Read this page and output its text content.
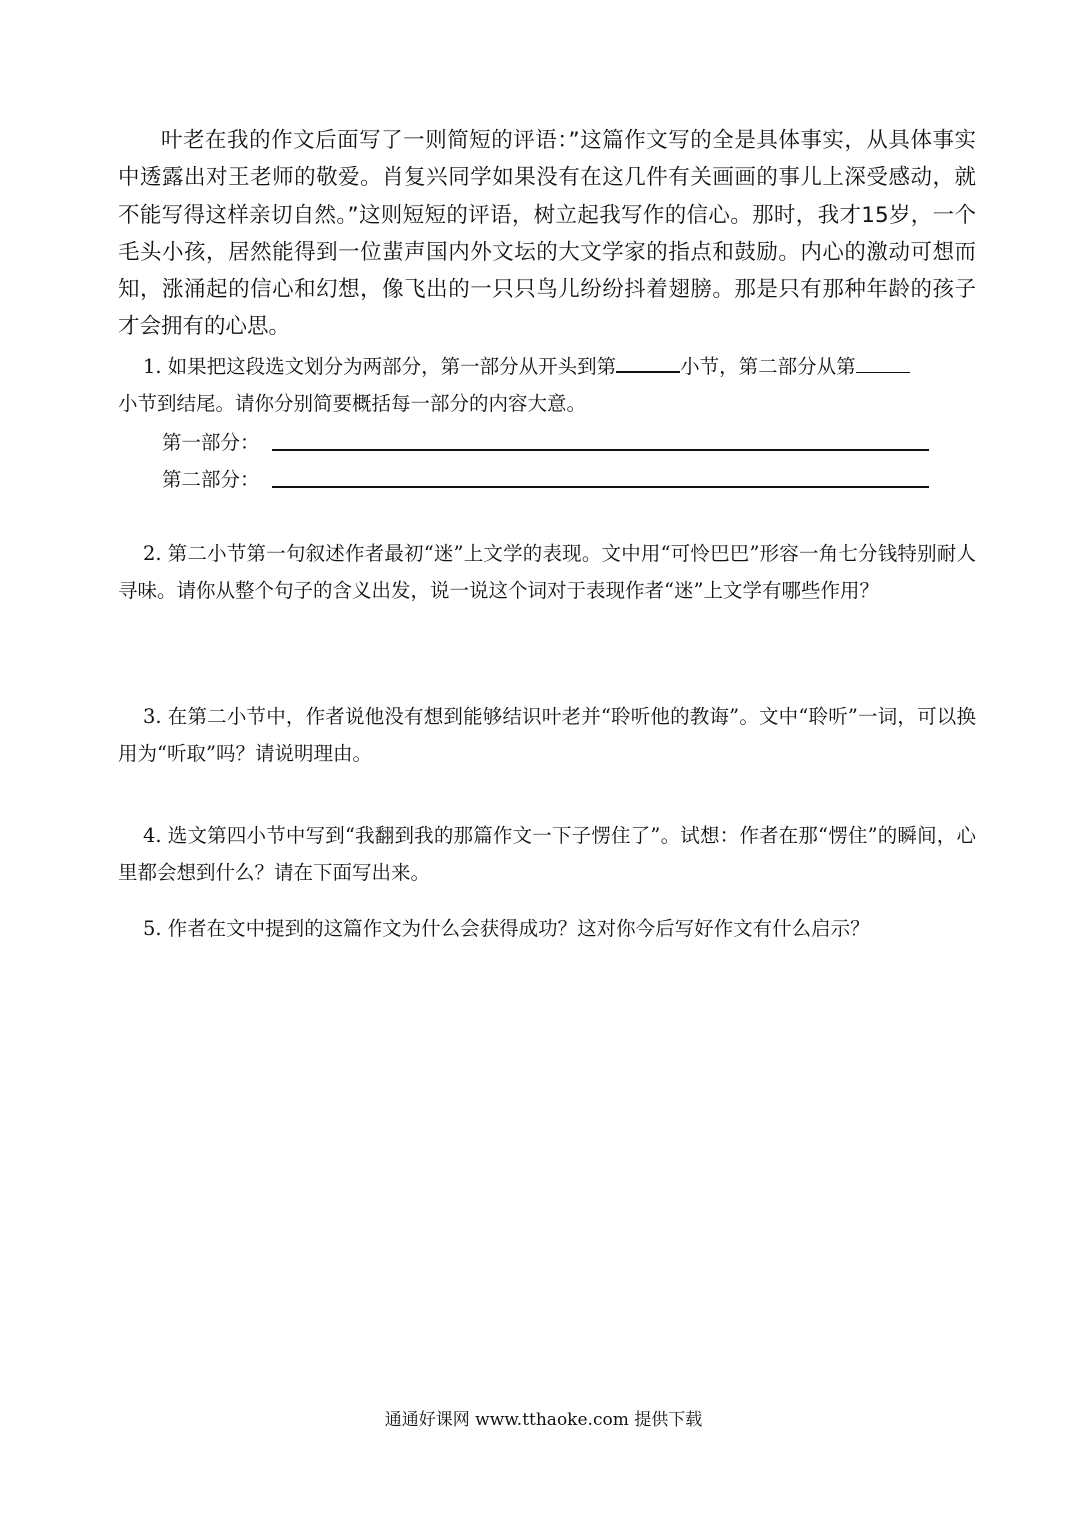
叶老在我的作文后面写了一则简短的评语：”这篇作文写的全是具体事实，从具体事实中透露出对王老师的敬爱。肖复兴同学如果没有在这几件有关画画的事儿上深受感动，就不能写得这样亲切自然。”这则短短的评语，树立起我写作的信心。那时，我才15岁，一个毛头小孩，居然能得到一位蜚声国内外文坛的大文学家的指点和鼓励。内心的激动可想而知，涨涌起的信心和幻想，像飞出的一只只鸟儿纷纷抖着翅膀。那是只有那种年龄的孩子才会拥有的心思。

1. 如果把这段选文划分为两部分，第一部分从开头到第	小节，第二部分从第
小节到结尾。请你分别简要概括每一部分的内容大意。

第一部分：
第二部分：

2. 第二小节第一句叙述作者最初“迷”上文学的表现。文中用“可怜巴巴”形容一角七分钱特别耐人寻味。请你从整个句子的含义出发，说一说这个词对于表现作者“迷”上文学有哪些作用？

3. 在第二小节中，作者说他没有想到能够结识叶老并“聆听他的教诲”。文中“聆听”一词，可以换用为“听取”吗？请说明理由。

4. 选文第四小节中写到“我翻到我的那篇作文一下子愣住了”。试想：作者在那“愣住”的瞬间，心里都会想到什么？请在下面写出来。

5. 作者在文中提到的这篇作文为什么会获得成功？这对你今后写好作文有什么启示？

通通好课网 www.tthaoke.com 提供下载
